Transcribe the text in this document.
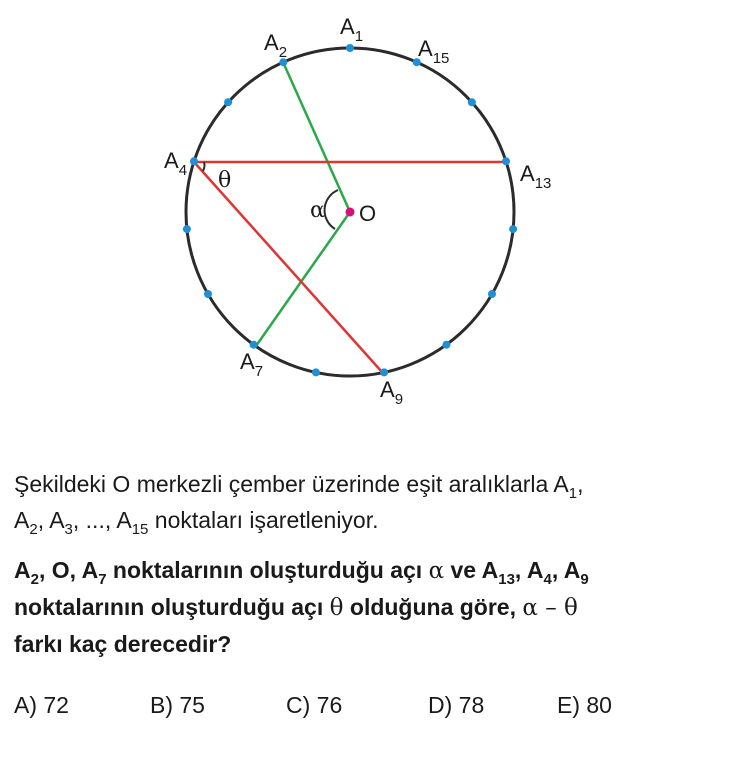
$A_1$
$A_2$	$A_{15}$
$A_4$	$A_{13}$
$A_7$
$A_9$
O
α
θ
Şekildeki O merkezli çember üzerinde eşit aralıklarla $A_1$,
$A_2$, $A_3$, ..., $A_{15}$ noktaları işaretleniyor.
$A_2$, O, $A_7$ noktalarının oluşturduğu açı α ve $A_{13}$, $A_4$, $A_9$
noktalarının oluşturduğu açı θ olduğuna göre, α – θ
farkı kaç derecedir?
A) 72	B) 75	C) 76	D) 78	E) 80
